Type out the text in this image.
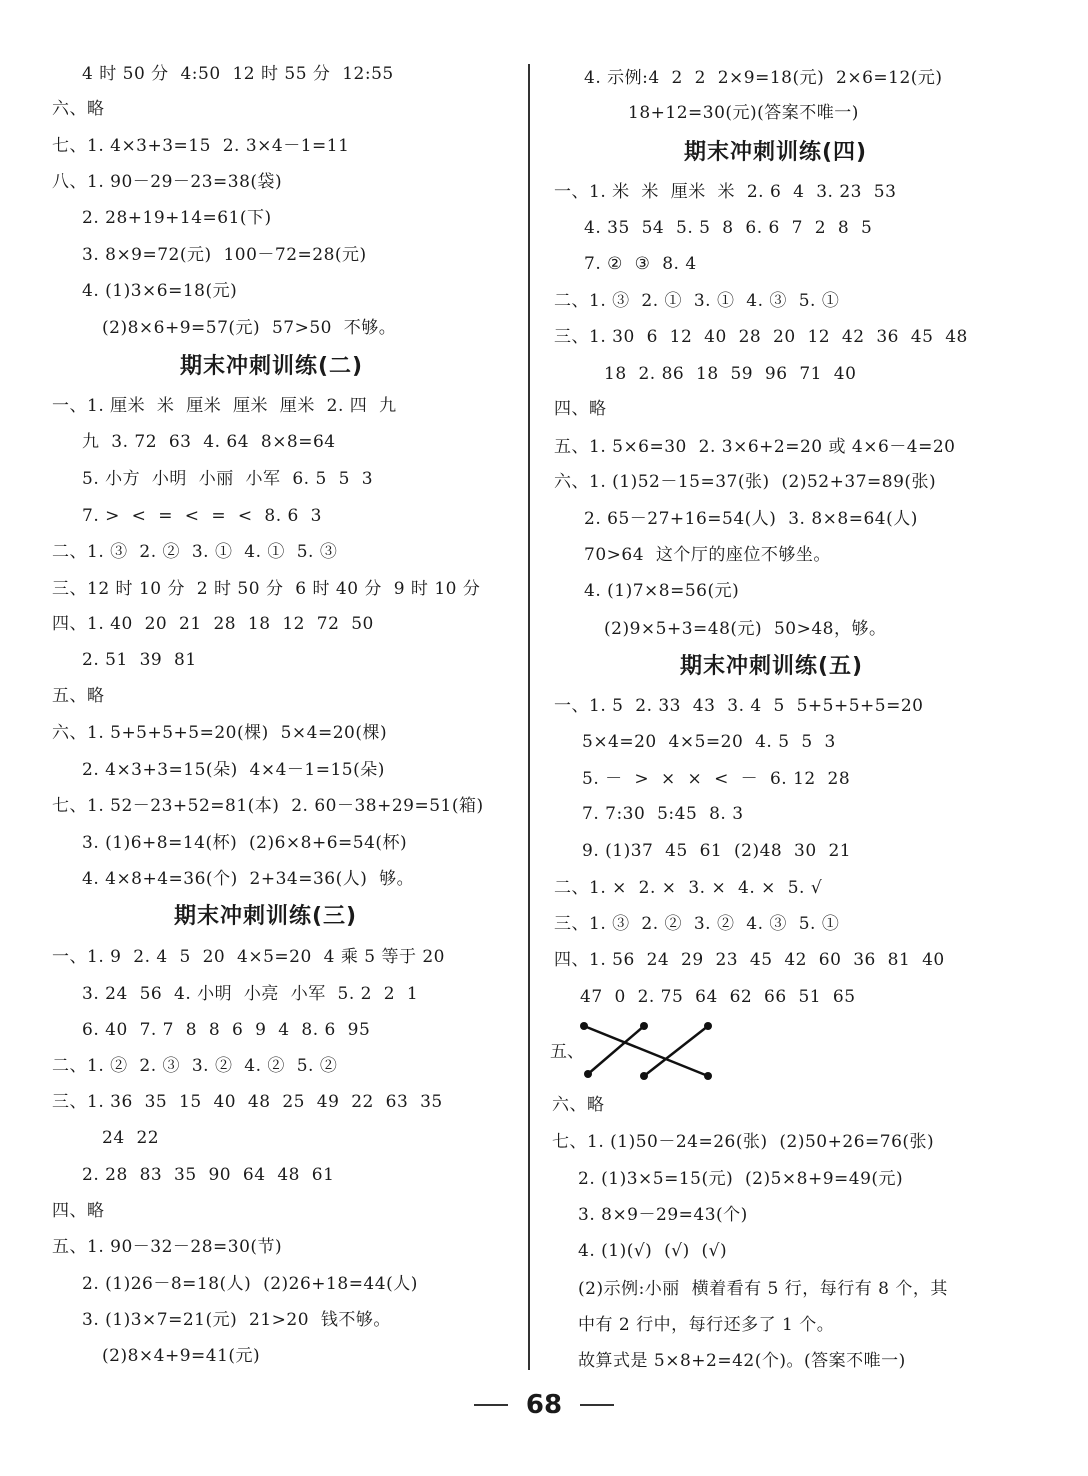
4 时 50 分  4:50  12 时 55 分  12:55
六、略
七、1. 4×3+3=15  2. 3×4－1=11
八、1. 90－29－23=38(袋)
2. 28+19+14=61(下)
3. 8×9=72(元)  100－72=28(元)
4. (1)3×6=18(元)
(2)8×6+9=57(元)  57>50  不够。
期末冲刺训练(二)
一、1. 厘米  米  厘米  厘米  厘米  2. 四  九
九  3. 72  63  4. 64  8×8=64
5. 小方  小明  小丽  小军  6. 5  5  3
7. >  <  =  <  =  <  8. 6  3
二、1. ③  2. ②  3. ①  4. ①  5. ③
三、12 时 10 分  2 时 50 分  6 时 40 分  9 时 10 分
四、1. 40  20  21  28  18  12  72  50
2. 51  39  81
五、略
六、1. 5+5+5+5=20(棵)  5×4=20(棵)
2. 4×3+3=15(朵)  4×4－1=15(朵)
七、1. 52－23+52=81(本)  2. 60－38+29=51(箱)
3. (1)6+8=14(杯)  (2)6×8+6=54(杯)
4. 4×8+4=36(个)  2+34=36(人)  够。
期末冲刺训练(三)
一、1. 9  2. 4  5  20  4×5=20  4 乘 5 等于 20
3. 24  56  4. 小明  小亮  小军  5. 2  2  1
6. 40  7. 7  8  8  6  9  4  8. 6  95
二、1. ②  2. ③  3. ②  4. ②  5. ②
三、1. 36  35  15  40  48  25  49  22  63  35
24  22
2. 28  83  35  90  64  48  61
四、略
五、1. 90－32－28=30(节)
2. (1)26－8=18(人)  (2)26+18=44(人)
3. (1)3×7=21(元)  21>20  钱不够。
(2)8×4+9=41(元)
4. 示例:4  2  2  2×9=18(元)  2×6=12(元)
18+12=30(元)(答案不唯一)
期末冲刺训练(四)
一、1. 米  米  厘米  米  2. 6  4  3. 23  53
4. 35  54  5. 5  8  6. 6  7  2  8  5
7. ②  ③  8. 4
二、1. ③  2. ①  3. ①  4. ③  5. ①
三、1. 30  6  12  40  28  20  12  42  36  45  48
18  2. 86  18  59  96  71  40
四、略
五、1. 5×6=30  2. 3×6+2=20 或 4×6－4=20
六、1. (1)52－15=37(张)  (2)52+37=89(张)
2. 65－27+16=54(人)  3. 8×8=64(人)
70>64  这个厅的座位不够坐。
4. (1)7×8=56(元)
(2)9×5+3=48(元)  50>48，够。
期末冲刺训练(五)
一、1. 5  2. 33  43  3. 4  5  5+5+5+5=20
5×4=20  4×5=20  4. 5  5  3
5. －  >  ×  ×  <  －  6. 12  28
7. 7:30  5:45  8. 3
9. (1)37  45  61  (2)48  30  21
二、1. ×  2. ×  3. ×  4. ×  5. √
三、1. ③  2. ②  3. ②  4. ③  5. ①
四、1. 56  24  29  23  45  42  60  36  81  40
47  0  2. 75  64  62  66  51  65
六、略
七、1. (1)50－24=26(张)  (2)50+26=76(张)
2. (1)3×5=15(元)  (2)5×8+9=49(元)
3. 8×9－29=43(个)
4. (1)(√)  (√)  (√)
(2)示例:小丽  横着看有 5 行，每行有 8 个，其
中有 2 行中，每行还多了 1 个。
故算式是 5×8+2=42(个)。(答案不唯一)
五、
68
